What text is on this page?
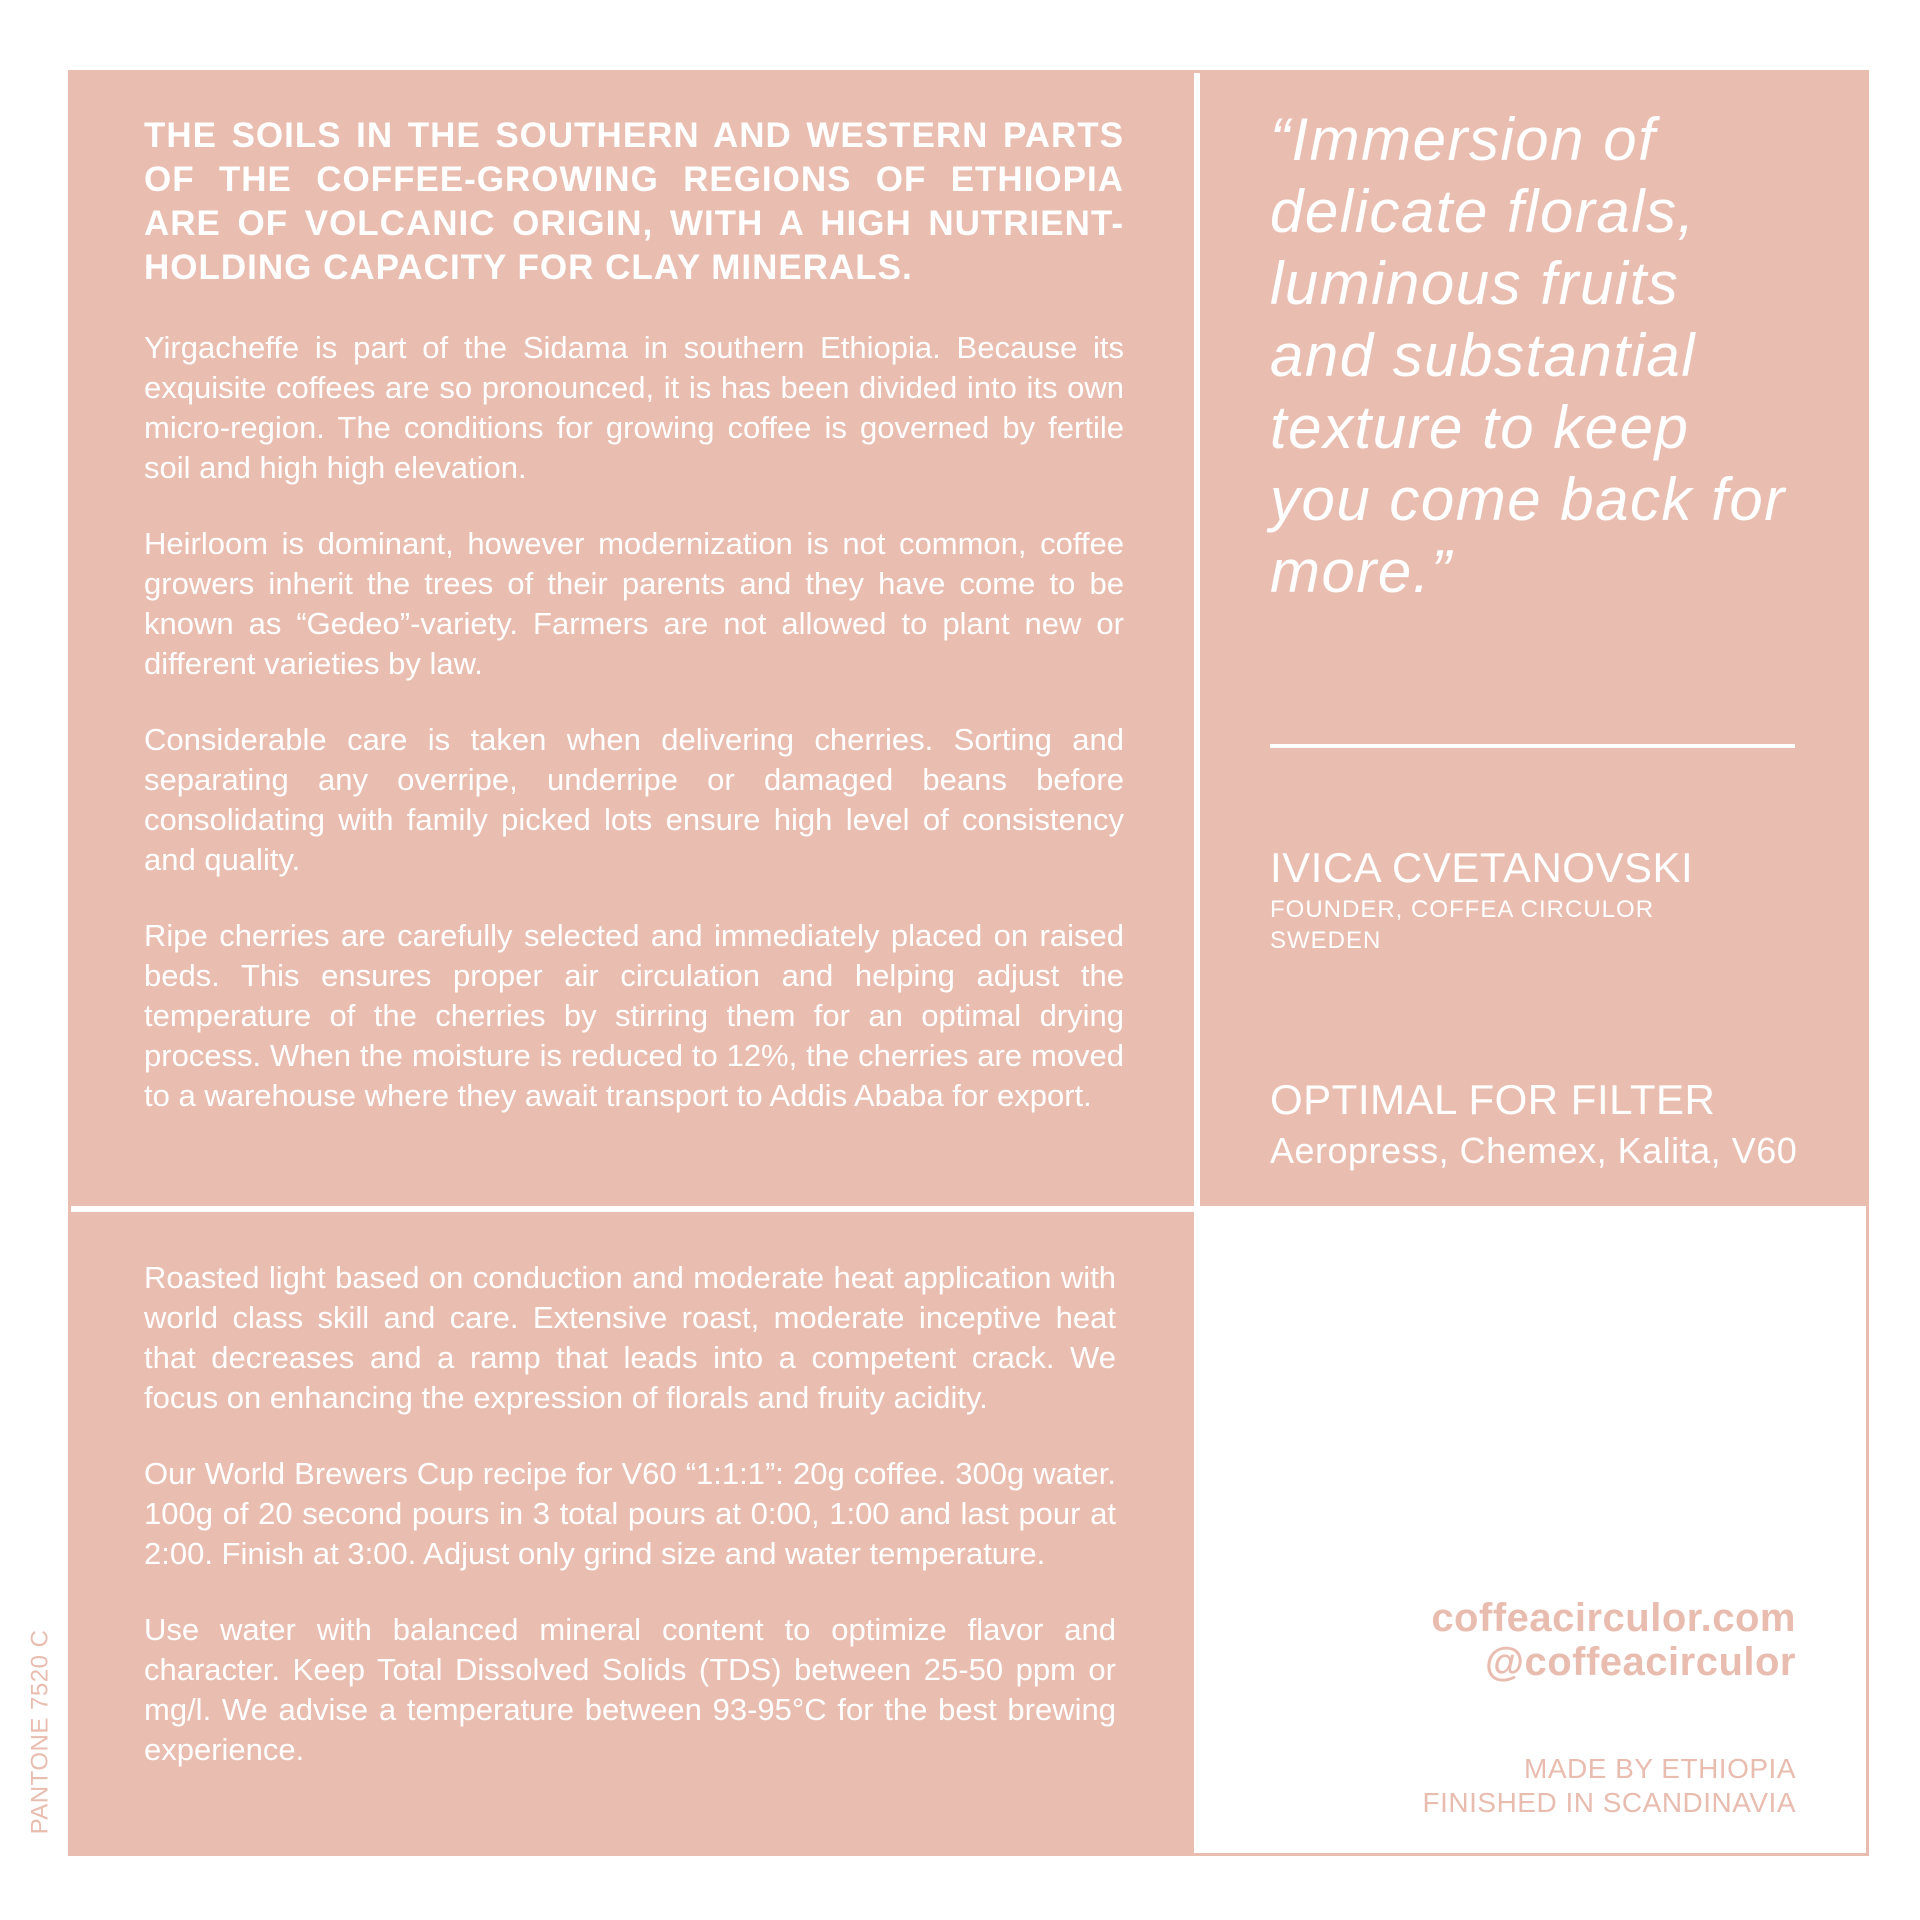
PANTONE 7520 C

THE SOILS IN THE SOUTHERN AND WESTERN PARTS OF THE COFFEE-GROWING REGIONS OF ETHIOPIA ARE OF VOLCANIC ORIGIN, WITH A HIGH NUTRIENT-HOLDING CAPACITY FOR CLAY MINERALS.

Yirgacheffe is part of the Sidama in southern Ethiopia. Because its exquisite coffees are so pronounced, it is has been divided into its own micro-region. The conditions for growing coffee is governed by fertile soil and high high elevation.

Heirloom is dominant, however modernization is not common, coffee growers inherit the trees of their parents and they have come to be known as “Gedeo”-variety. Farmers are not allowed to plant new or different varieties by law.

Considerable care is taken when delivering cherries. Sorting and separating any overripe, underripe or damaged beans before consolidating with family picked lots ensure high level of consistency and quality.

Ripe cherries are carefully selected and immediately placed on raised beds. This ensures proper air circulation and helping adjust the temperature of the cherries by stirring them for an optimal drying process. When the moisture is reduced to 12%, the cherries are moved to a warehouse where they await transport to Addis Ababa for export.

“Immersion of
delicate florals,
luminous fruits
and substantial
texture to keep
you come back for
more.”
IVICA CVETANOVSKI
FOUNDER, COFFEA CIRCULOR
SWEDEN
OPTIMAL FOR FILTER
Aeropress, Chemex, Kalita, V60

Roasted light based on conduction and moderate heat application with world class skill and care. Extensive roast, moderate inceptive heat that decreases and a ramp that leads into a competent crack. We focus on enhancing the expression of florals and fruity acidity.

Our World Brewers Cup recipe for V60 “1:1:1”: 20g coffee. 300g water. 100g of 20 second pours in 3 total pours at 0:00, 1:00 and last pour at 2:00. Finish at 3:00. Adjust only grind size and water temperature.

Use water with balanced mineral content to optimize flavor and character. Keep Total Dissolved Solids (TDS) between 25-50 ppm or mg/l. We advise a temperature between 93-95°C for the best brewing experience.

coffeacirculor.com
@coffeacirculor
MADE BY ETHIOPIA
FINISHED IN SCANDINAVIA
